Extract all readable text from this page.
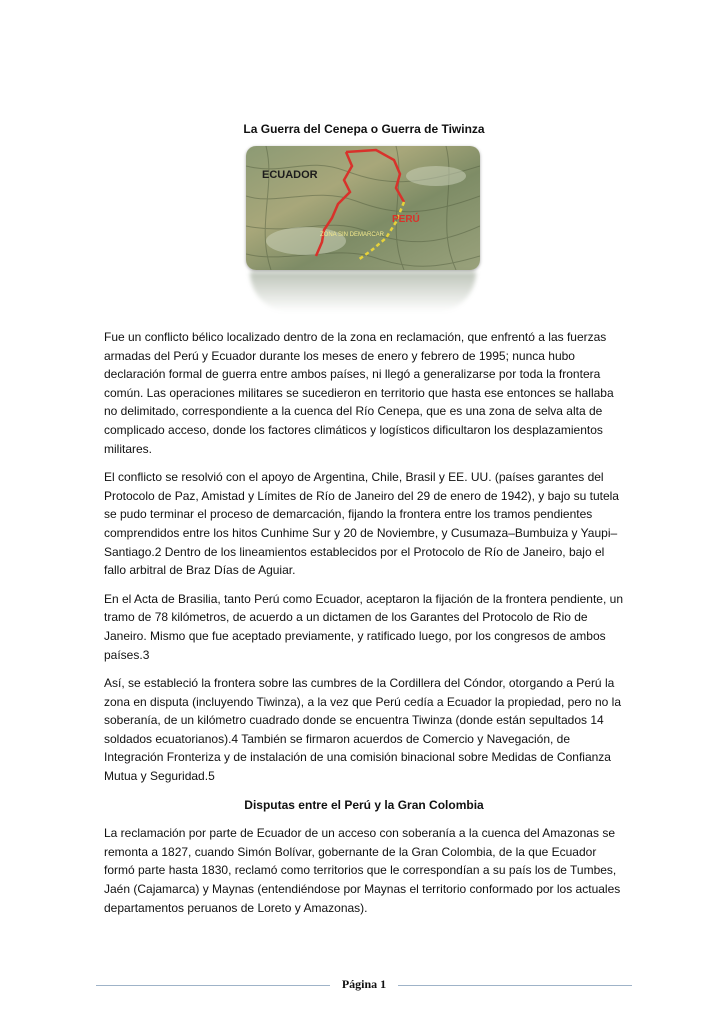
La Guerra del Cenepa o Guerra de Tiwinza
ECUADOR
PERÚ
ZONA SIN DEMARCAR

Fue un conflicto bélico localizado dentro de la zona en reclamación, que enfrentó a las fuerzas armadas del Perú y Ecuador durante los meses de enero y febrero de 1995; nunca hubo declaración formal de guerra entre ambos países, ni llegó a generalizarse por toda la frontera común. Las operaciones militares se sucedieron en territorio que hasta ese entonces se hallaba no delimitado, correspondiente a la cuenca del Río Cenepa, que es una zona de selva alta de complicado acceso, donde los factores climáticos y logísticos dificultaron los desplazamientos militares.

El conflicto se resolvió con el apoyo de Argentina, Chile, Brasil y EE. UU. (países garantes del Protocolo de Paz, Amistad y Límites de Río de Janeiro del 29 de enero de 1942), y bajo su tutela se pudo terminar el proceso de demarcación, fijando la frontera entre los tramos pendientes comprendidos entre los hitos Cunhime Sur y 20 de Noviembre, y Cusumaza–Bumbuiza y Yaupi–Santiago.2 Dentro de los lineamientos establecidos por el Protocolo de Río de Janeiro, bajo el fallo arbitral de Braz Días de Aguiar.

En el Acta de Brasilia, tanto Perú como Ecuador, aceptaron la fijación de la frontera pendiente, un tramo de 78 kilómetros, de acuerdo a un dictamen de los Garantes del Protocolo de Rio de Janeiro. Mismo que fue aceptado previamente, y ratificado luego, por los congresos de ambos países.3

Así, se estableció la frontera sobre las cumbres de la Cordillera del Cóndor, otorgando a Perú la zona en disputa (incluyendo Tiwinza), a la vez que Perú cedía a Ecuador la propiedad, pero no la soberanía, de un kilómetro cuadrado donde se encuentra Tiwinza (donde están sepultados 14 soldados ecuatorianos).4 También se firmaron acuerdos de Comercio y Navegación, de Integración Fronteriza y de instalación de una comisión binacional sobre Medidas de Confianza Mutua y Seguridad.5

Disputas entre el Perú y la Gran Colombia

La reclamación por parte de Ecuador de un acceso con soberanía a la cuenca del Amazonas se remonta a 1827, cuando Simón Bolívar, gobernante de la Gran Colombia, de la que Ecuador formó parte hasta 1830, reclamó como territorios que le correspondían a su país los de Tumbes, Jaén (Cajamarca) y Maynas (entendiéndose por Maynas el territorio conformado por los actuales departamentos peruanos de Loreto y Amazonas).

Página 1
